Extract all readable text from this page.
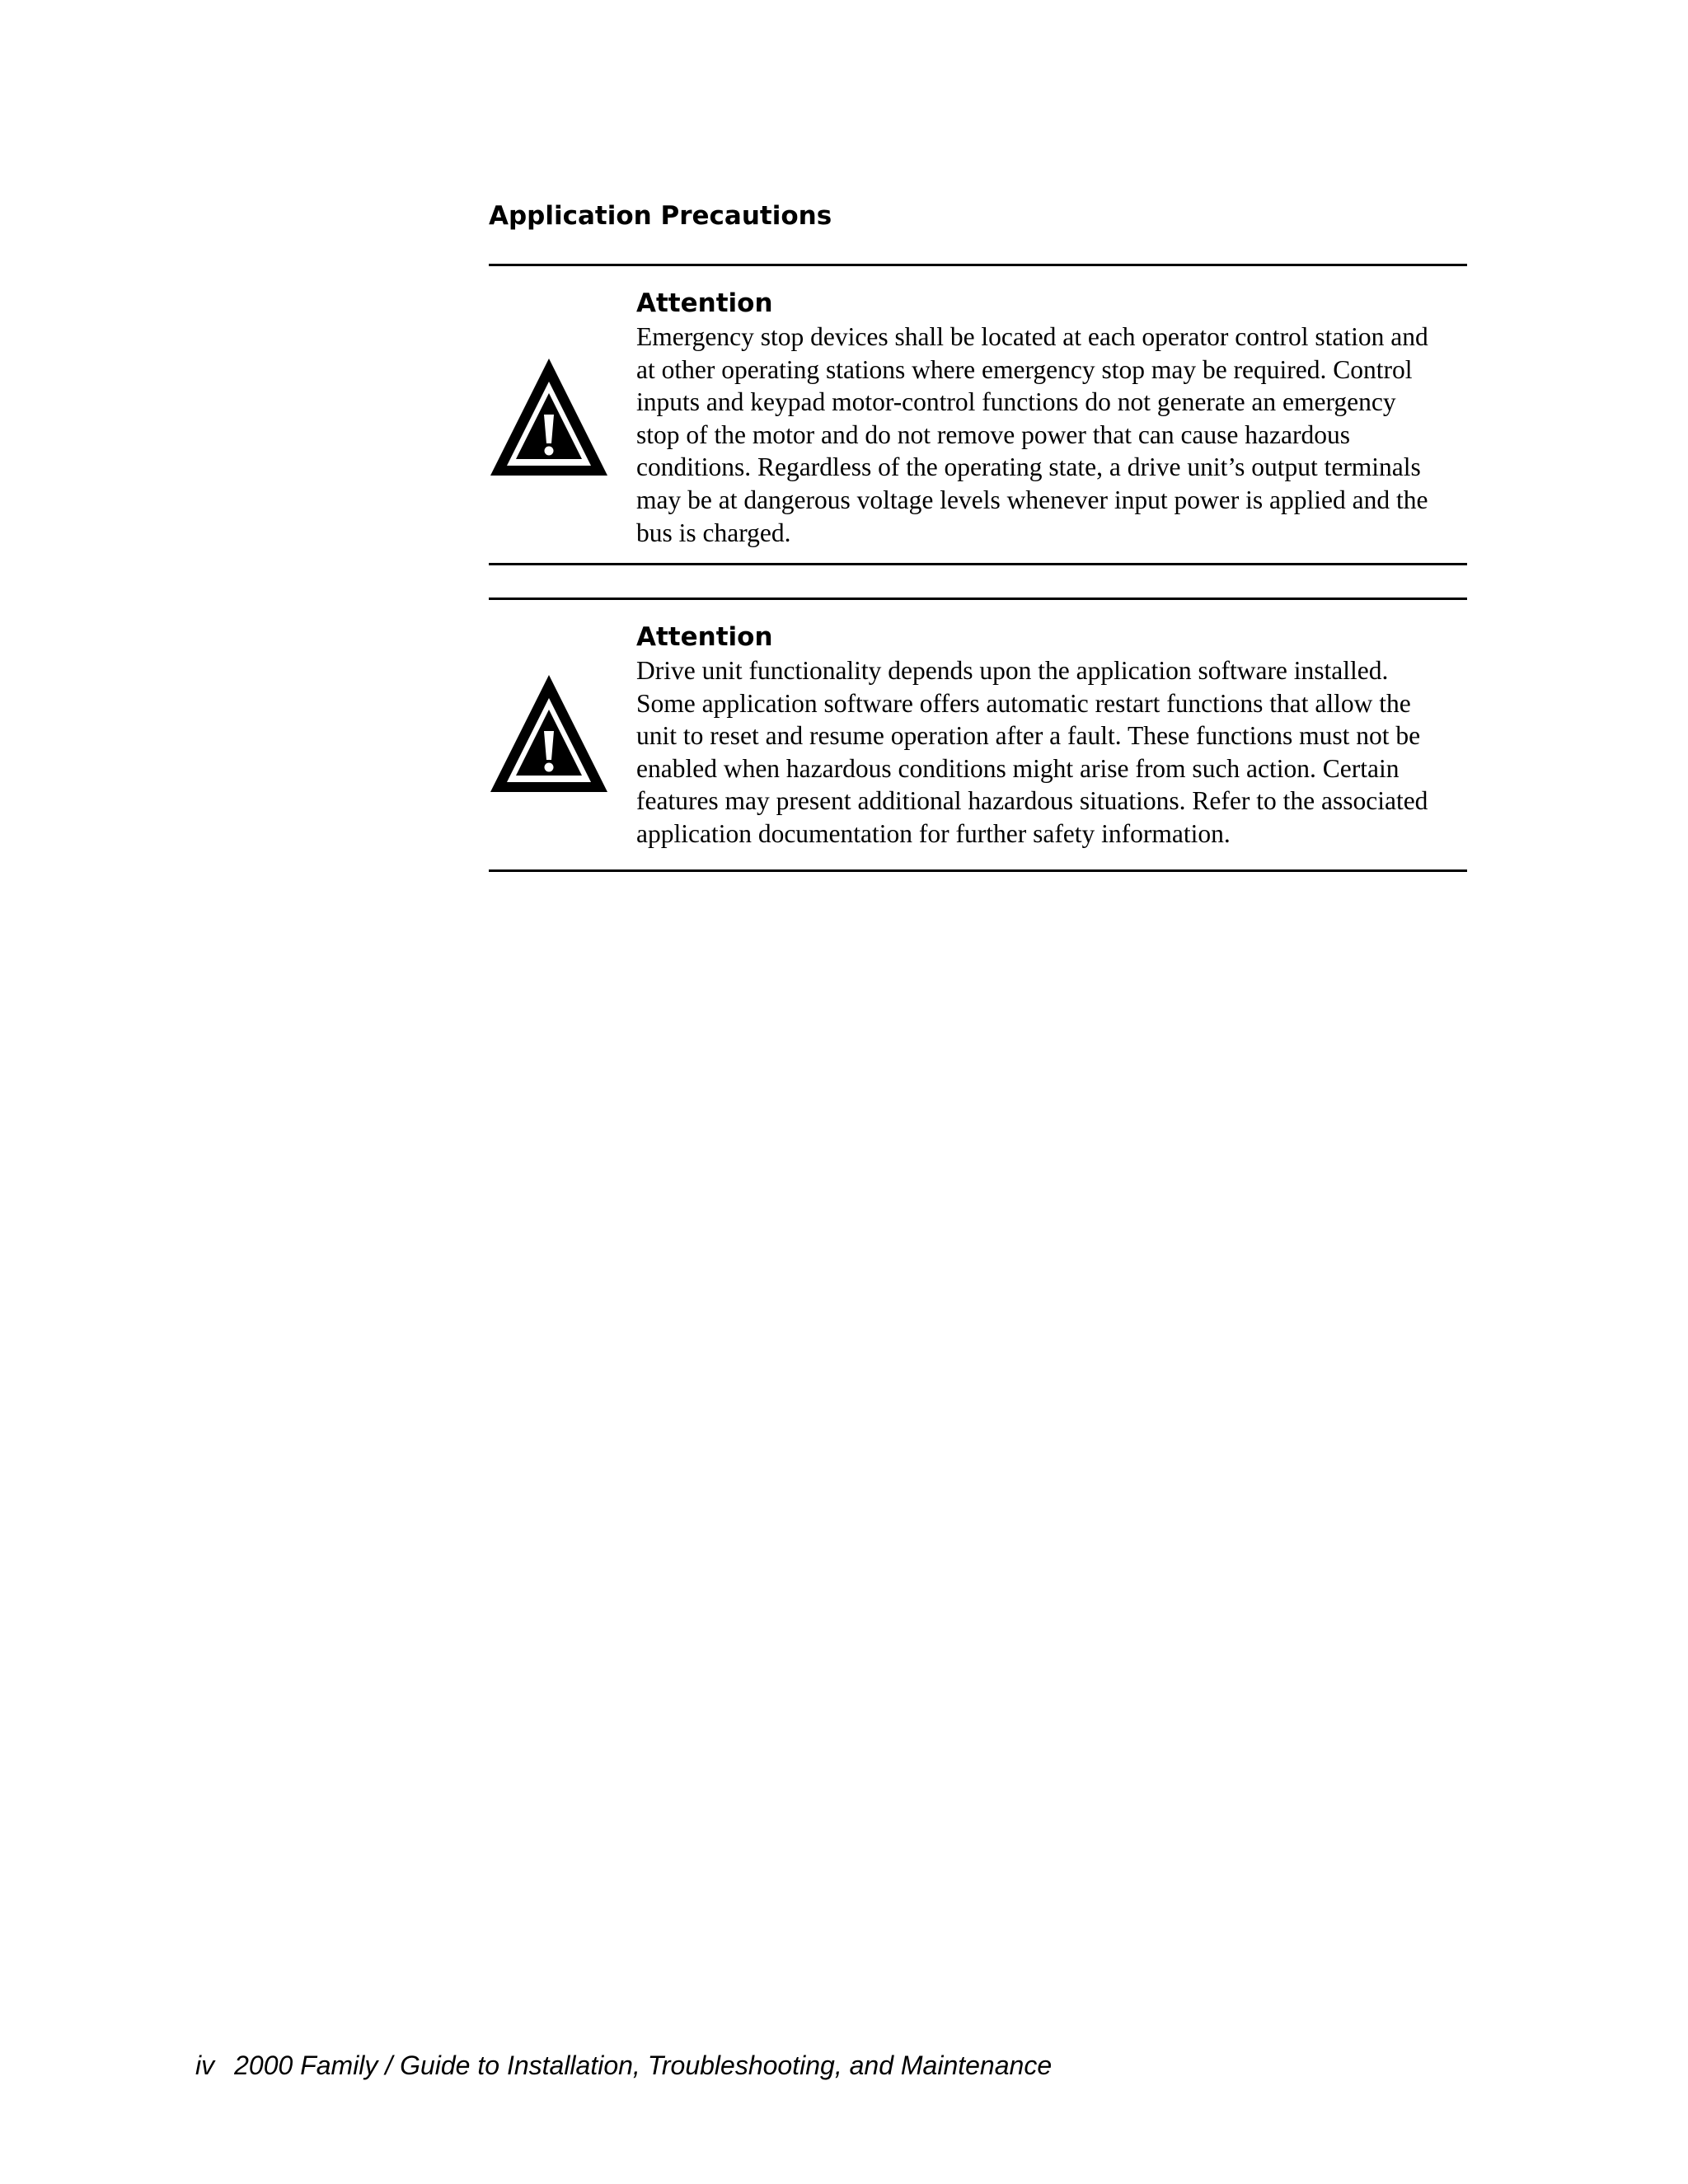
Application Precautions
Attention

Emergency stop devices shall be located at each operator control station and
at other operating stations where emergency stop may be required. Control
inputs and keypad motor-control functions do not generate an emergency
stop of the motor and do not remove power that can cause hazardous
conditions. Regardless of the operating state, a drive unit’s output terminals
may be at dangerous voltage levels whenever input power is applied and the
bus is charged.

Attention

Drive unit functionality depends upon the application software installed.
Some application software offers automatic restart functions that allow the
unit to reset and resume operation after a fault. These functions must not be
enabled when hazardous conditions might arise from such action. Certain
features may present additional hazardous situations. Refer to the associated
application documentation for further safety information.

iv 2000 Family / Guide to Installation, Troubleshooting, and Maintenance
